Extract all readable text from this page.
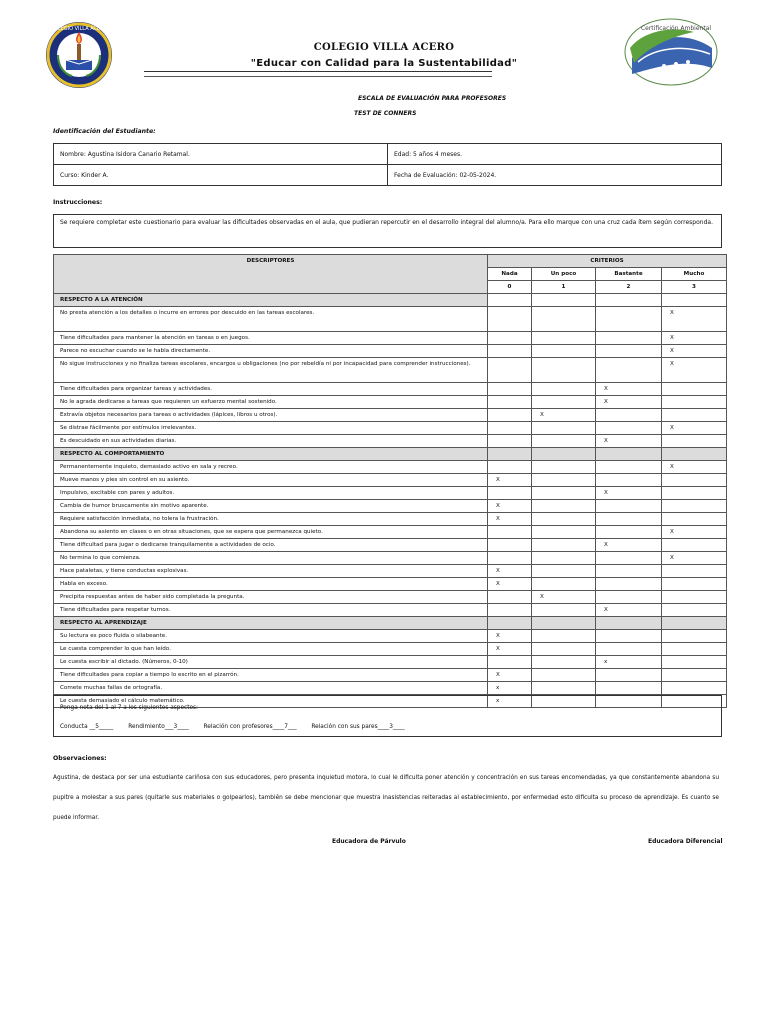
COLEGIO VILLA ACERO	Certificación Ambiental
COLEGIO VILLA ACERO
"Educar con Calidad para la Sustentabilidad"
ESCALA DE EVALUACIÓN PARA PROFESORES
TEST DE CONNERS
Identificación del Estudiante:
Nombre: Agustina Isidora Canario Retamal.	Edad: 5 años 4 meses.
Curso: Kinder A.	Fecha de Evaluación: 02-05-2024.
Instrucciones:
Se requiere completar este cuestionario para evaluar las dificultades observadas en el aula, que pudieran repercutir en el desarrollo integral del alumno/a. Para ello marque con una cruz cada ítem según corresponda.
DESCRIPTORES	CRITERIOS			
	Nada	Un poco	Bastante	Mucho
	0	1	2	3
RESPECTO A LA ATENCIÓN				
No presta atención a los detalles o incurre en errores por descuido en las tareas escolares.				X
Tiene dificultades para mantener la atención en tareas o en juegos.				X
Parece no escuchar cuando se le habla directamente.				X
No sigue instrucciones y no finaliza tareas escolares, encargos u obligaciones (no por rebeldía ni por incapacidad para comprender instrucciones).				X
Tiene dificultades para organizar tareas y actividades.			X	
No le agrada dedicarse a tareas que requieren un esfuerzo mental sostenido.			X	
Extravía objetos necesarios para tareas o actividades (lápices, libros u otros).		X		
Se distrae fácilmente por estímulos irrelevantes.				X
Es descuidado en sus actividades diarias.			X	
RESPECTO AL COMPORTAMIENTO				
Permanentemente inquieto, demasiado activo en sala y recreo.				X
Mueve manos y pies sin control en su asiento.	X			
Impulsivo, excitable con pares y adultos.			X	
Cambia de humor bruscamente sin motivo aparente.	X			
Requiere satisfacción inmediata, no tolera la frustración.	X			
Abandona su asiento en clases o en otras situaciones, que se espera que permanezca quieto.				X
Tiene dificultad para jugar o dedicarse tranquilamente a actividades de ocio.			X	
No termina lo que comienza.				X
Hace pataletas, y tiene conductas explosivas.	X			
Habla en exceso.	X			
Precipita respuestas antes de haber sido completada la pregunta.		X		
Tiene dificultades para respetar turnos.			X	
RESPECTO AL APRENDIZAJE				
Su lectura es poco fluida o silabeante.	X			
Le cuesta comprender lo que han leído.	X			
Le cuesta escribir al dictado. (Números, 0-10)			x	
Tiene dificultades para copiar a tiempo lo escrito en el pizarrón.	X			
Comete muchas fallas de ortografía.	x			
Le cuesta demasiado el cálculo matemático.	x			
Ponga nota del 1 al 7 a los siguientes aspectos:
Conducta __5_____        Rendimiento___3____        Relación con profesores____7___        Relación con sus pares____3____
Observaciones:
Agustina, de destaca por ser una estudiante cariñosa con sus educadores, pero presenta inquietud motora, lo cual le dificulta poner atención y concentración en sus tareas encomendadas, ya que constantemente abandona su pupitre a molestar a sus pares (quitarle sus materiales o golpearlos), también se debe mencionar que muestra inasistencias reiteradas al establecimiento, por enfermedad esto dificulta su proceso de aprendizaje. Es cuanto se puede informar.
Educadora de Párvulo	Educadora Diferencial
